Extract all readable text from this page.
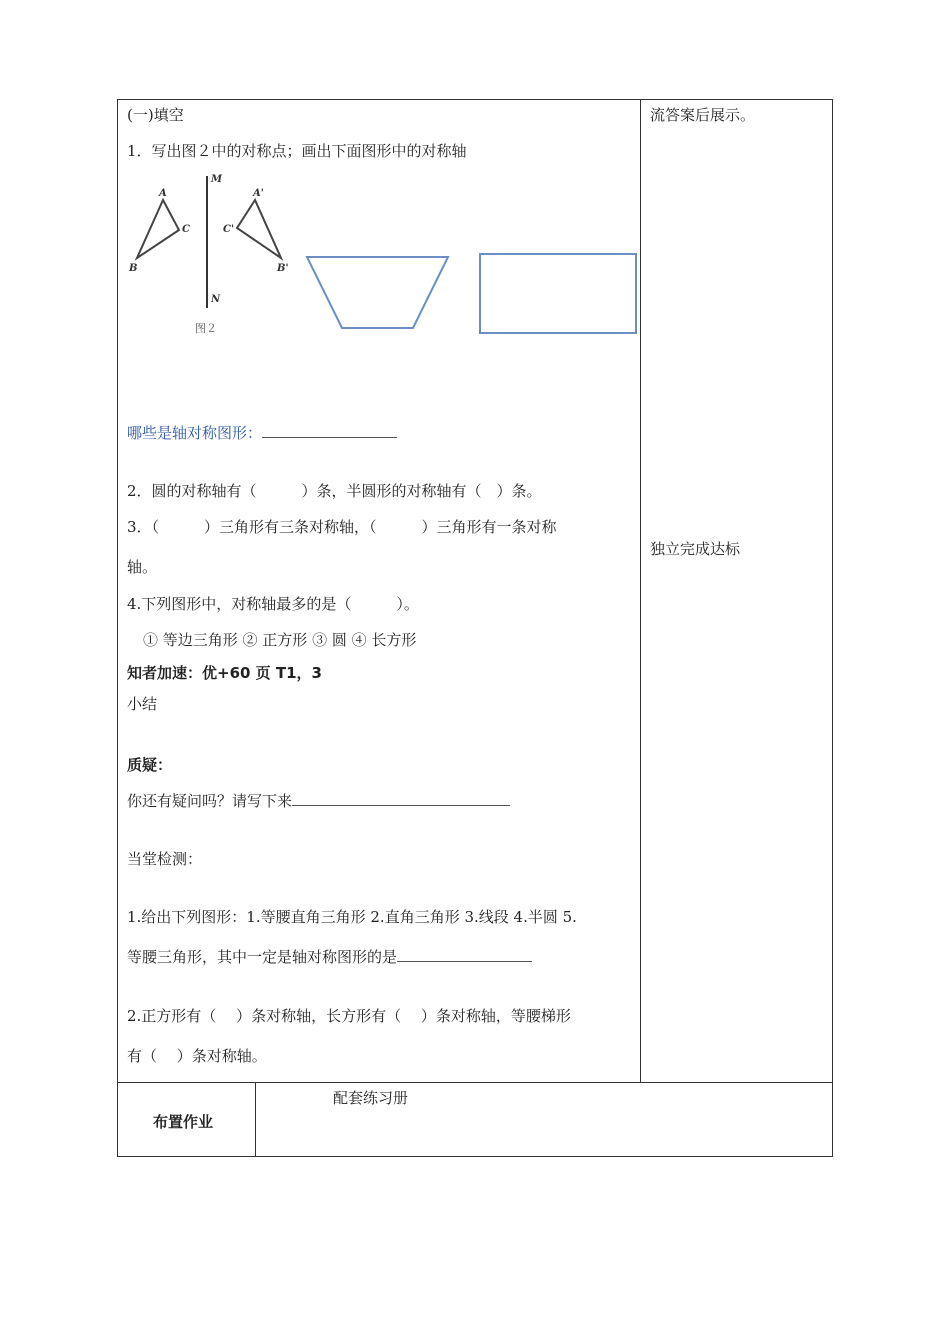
(一)填空
1．写出图２中的对称点；画出下面图形中的对称轴
A
C
B
A'
C'
B'
M
N
图２
哪些是轴对称图形：
2．圆的对称轴有（　　　）条，半圆形的对称轴有（　）条。
3．（　　　）三角形有三条对称轴，（　　　）三角形有一条对称
轴。
4.下列图形中，对称轴最多的是（　　　）。
① 等边三角形 ② 正方形 ③ 圆 ④ 长方形
知者加速：优+60 页 T1，3
小结
质疑：
你还有疑问吗？请写下来
当堂检测：
1.给出下列图形：1.等腰直角三角形 2.直角三角形 3.线段 4.半圆 5.
等腰三角形，其中一定是轴对称图形的是
2.正方形有（　 ）条对称轴，长方形有（　 ）条对称轴，等腰梯形
有（　 ）条对称轴。
流答案后展示。
独立完成达标
布置作业
配套练习册
